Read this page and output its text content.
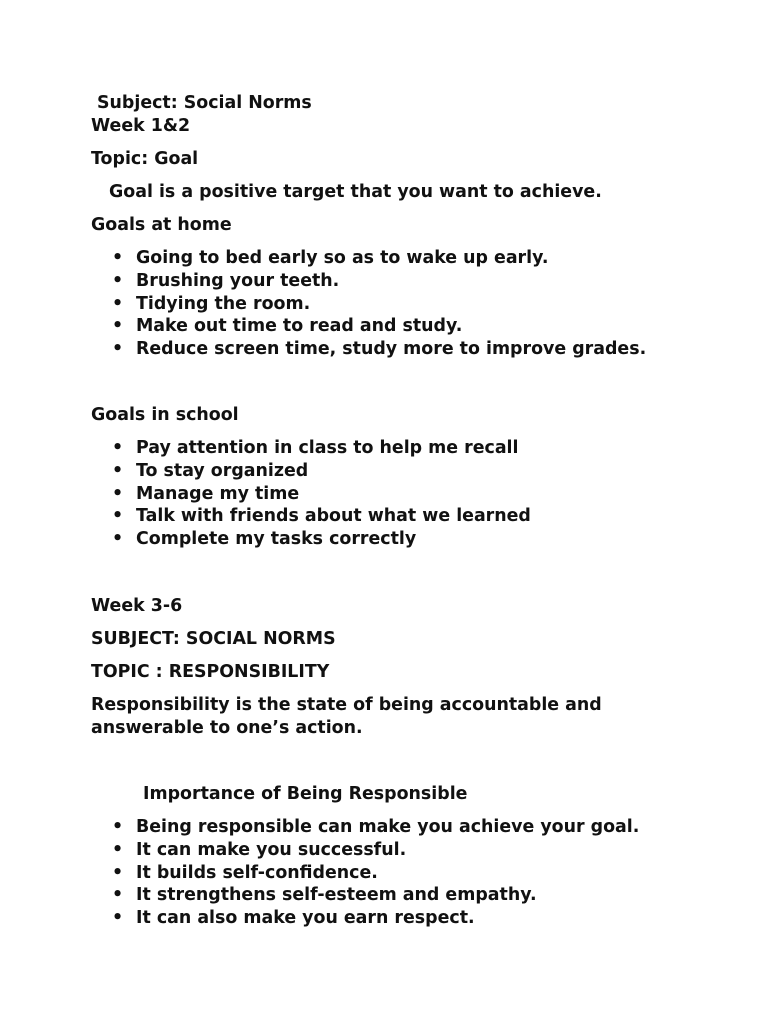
Subject: Social Norms

Week 1&2

Topic: Goal

Goal is a positive target that you want to achieve.

Goals at home

• Going to bed early so as to wake up early.
• Brushing your teeth.
• Tidying the room.
• Make out time to read and study.
• Reduce screen time, study more to improve grades.

Goals in school

• Pay attention in class to help me recall
• To stay organized
• Manage my time
• Talk with friends about what we learned
• Complete my tasks correctly

Week 3-6

SUBJECT: SOCIAL NORMS

TOPIC : RESPONSIBILITY

Responsibility is the state of being accountable and

answerable to one’s action.

Importance of Being Responsible

• Being responsible can make you achieve your goal.
• It can make you successful.
• It builds self-confidence.
• It strengthens self-esteem and empathy.
• It can also make you earn respect.
